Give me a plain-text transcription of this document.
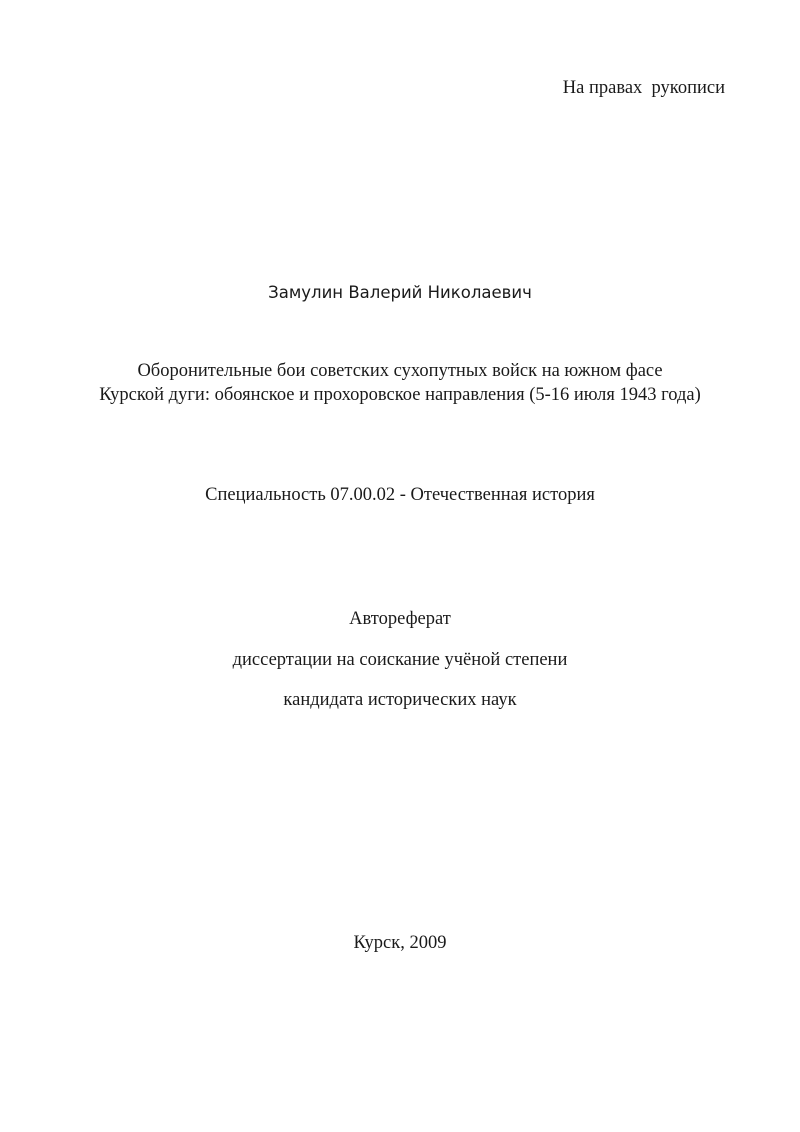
На правах  рукописи
Замулин Валерий Николаевич
Оборонительные бои советских сухопутных войск на южном фасе
Курской дуги: обоянское и прохоровское направления (5-16 июля 1943 года)
Специальность 07.00.02 - Отечественная история
Автореферат
диссертации на соискание учёной степени
кандидата исторических наук
Курск, 2009
